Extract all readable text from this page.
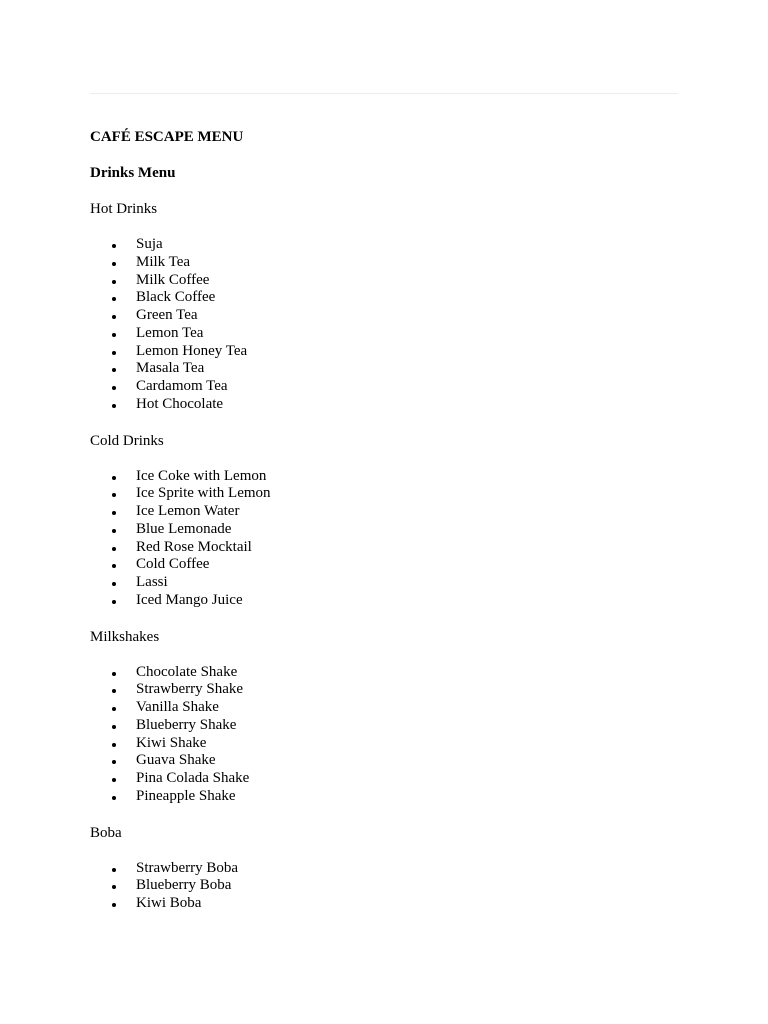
CAFÉ ESCAPE MENU

Drinks Menu

Hot Drinks

Suja
Milk Tea
Milk Coffee
Black Coffee
Green Tea
Lemon Tea
Lemon Honey Tea
Masala Tea
Cardamom Tea
Hot Chocolate

Cold Drinks

Ice Coke with Lemon
Ice Sprite with Lemon
Ice Lemon Water
Blue Lemonade
Red Rose Mocktail
Cold Coffee
Lassi
Iced Mango Juice

Milkshakes

Chocolate Shake
Strawberry Shake
Vanilla Shake
Blueberry Shake
Kiwi Shake
Guava Shake
Pina Colada Shake
Pineapple Shake

Boba

Strawberry Boba
Blueberry Boba
Kiwi Boba
